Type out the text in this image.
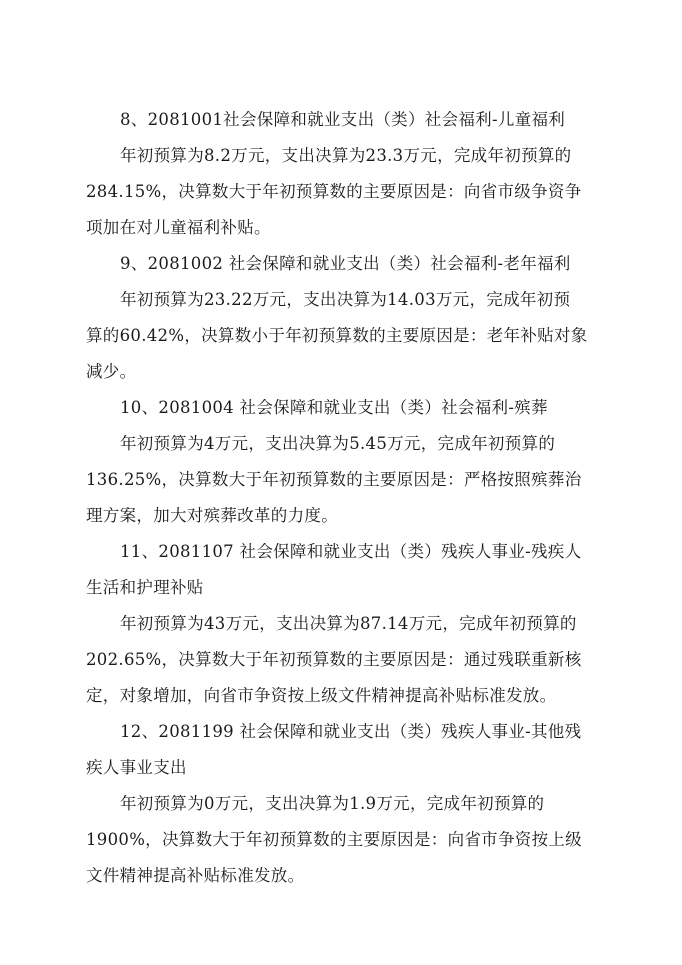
8、2081001社会保障和就业支出（类）社会福利-儿童福利
年初预算为8.2万元，支出决算为23.3万元，完成年初预算的
284.15%，决算数大于年初预算数的主要原因是：向省市级争资争
项加在对儿童福利补贴。
9、2081002 社会保障和就业支出（类）社会福利-老年福利
年初预算为23.22万元，支出决算为14.03万元，完成年初预
算的60.42%，决算数小于年初预算数的主要原因是：老年补贴对象
减少。
10、2081004 社会保障和就业支出（类）社会福利-殡葬
年初预算为4万元，支出决算为5.45万元，完成年初预算的
136.25%，决算数大于年初预算数的主要原因是：严格按照殡葬治
理方案，加大对殡葬改革的力度。
11、2081107 社会保障和就业支出（类）残疾人事业-残疾人
生活和护理补贴
年初预算为43万元，支出决算为87.14万元，完成年初预算的
202.65%，决算数大于年初预算数的主要原因是：通过残联重新核
定，对象增加，向省市争资按上级文件精神提高补贴标准发放。
12、2081199 社会保障和就业支出（类）残疾人事业-其他残
疾人事业支出
年初预算为0万元，支出决算为1.9万元，完成年初预算的
1900%，决算数大于年初预算数的主要原因是：向省市争资按上级
文件精神提高补贴标准发放。
